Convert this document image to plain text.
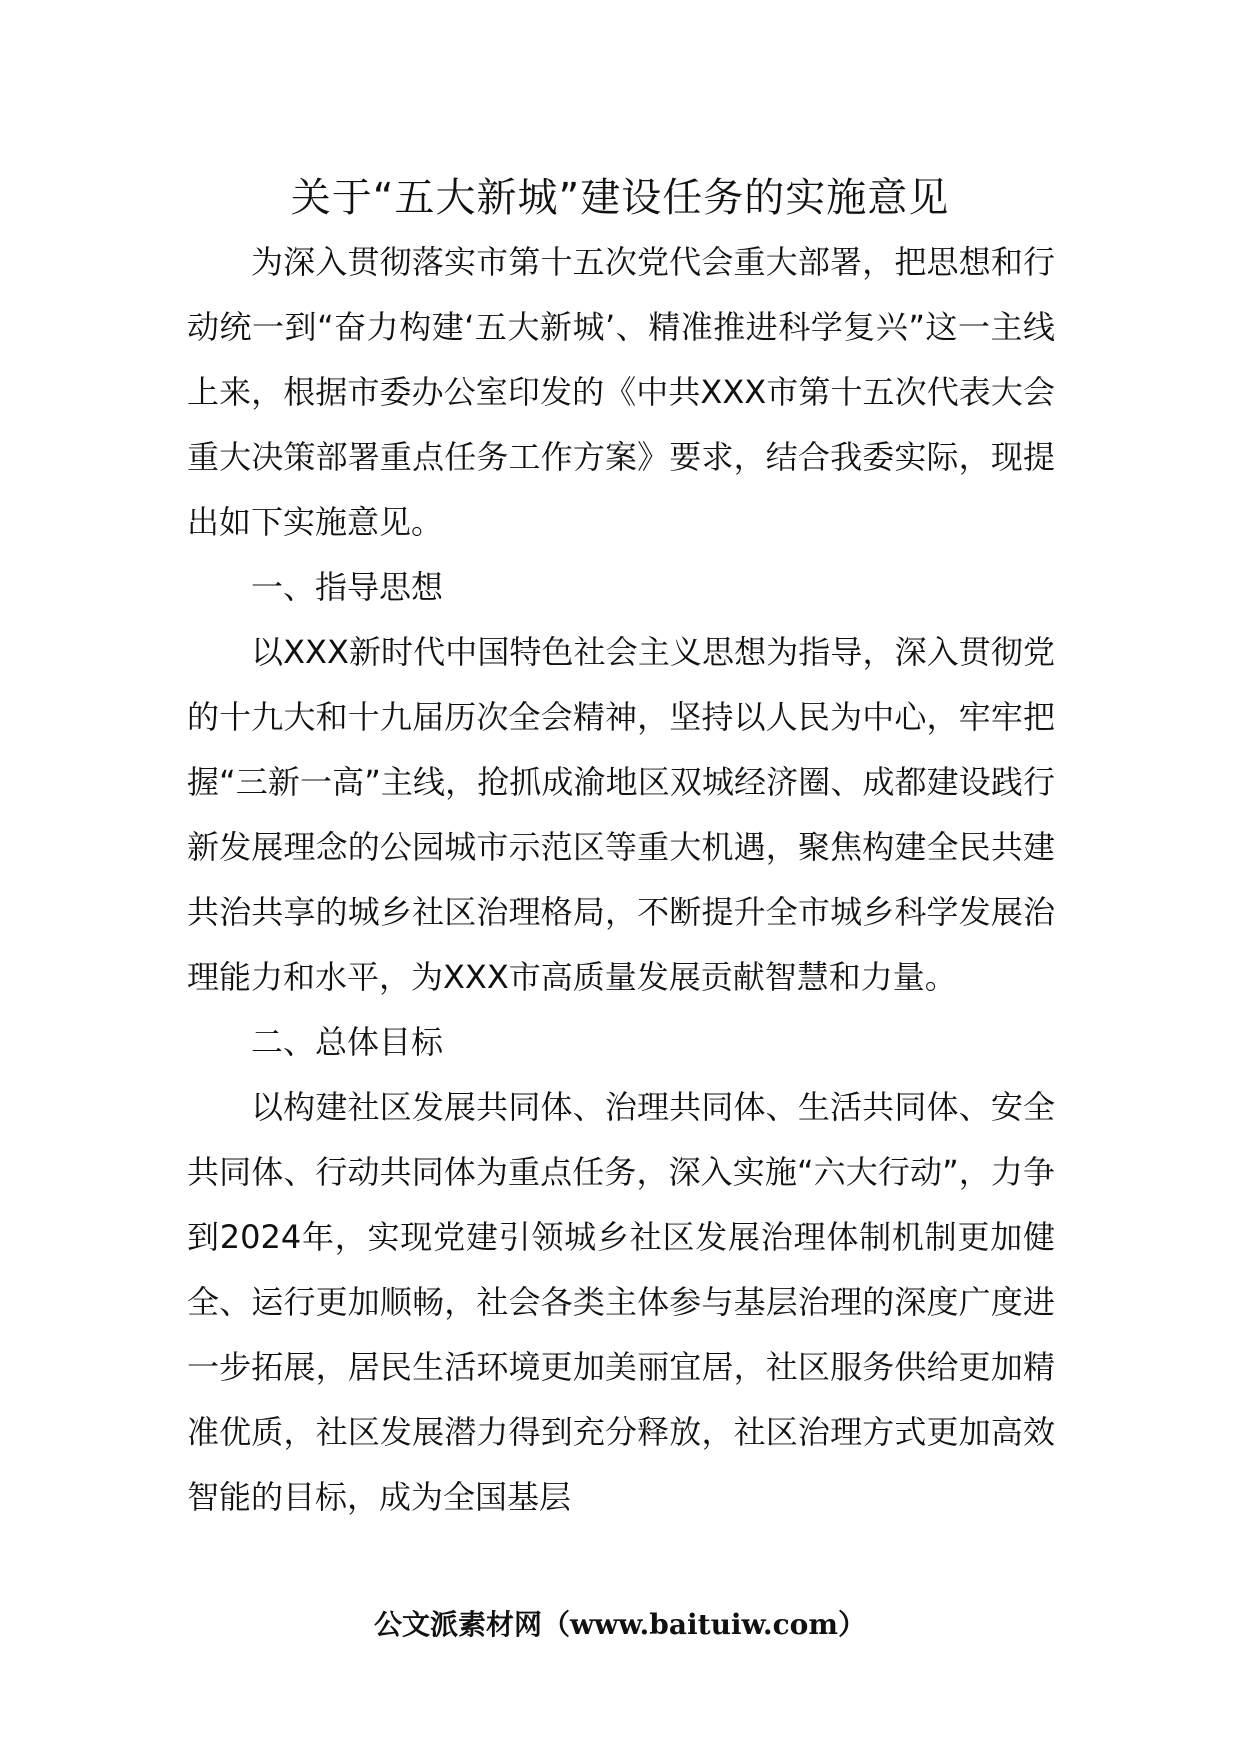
关于“五大新城”建设任务的实施意见

为深入贯彻落实市第十五次党代会重大部署，把思想和行动统一到“奋力构建‘五大新城’、精准推进科学复兴”这一主线上来，根据市委办公室印发的《中共XXX市第十五次代表大会重大决策部署重点任务工作方案》要求，结合我委实际，现提出如下实施意见。

一、指导思想

以XXX新时代中国特色社会主义思想为指导，深入贯彻党的十九大和十九届历次全会精神，坚持以人民为中心，牢牢把握“三新一高”主线，抢抓成渝地区双城经济圈、成都建设践行新发展理念的公园城市示范区等重大机遇，聚焦构建全民共建共治共享的城乡社区治理格局，不断提升全市城乡科学发展治理能力和水平，为XXX市高质量发展贡献智慧和力量。

二、总体目标

以构建社区发展共同体、治理共同体、生活共同体、安全共同体、行动共同体为重点任务，深入实施“六大行动”，力争到2024年，实现党建引领城乡社区发展治理体制机制更加健全、运行更加顺畅，社会各类主体参与基层治理的深度广度进一步拓展，居民生活环境更加美丽宜居，社区服务供给更加精准优质，社区发展潜力得到充分释放，社区治理方式更加高效智能的目标，成为全国基层

公文派素材网（www.baituiw.com）
